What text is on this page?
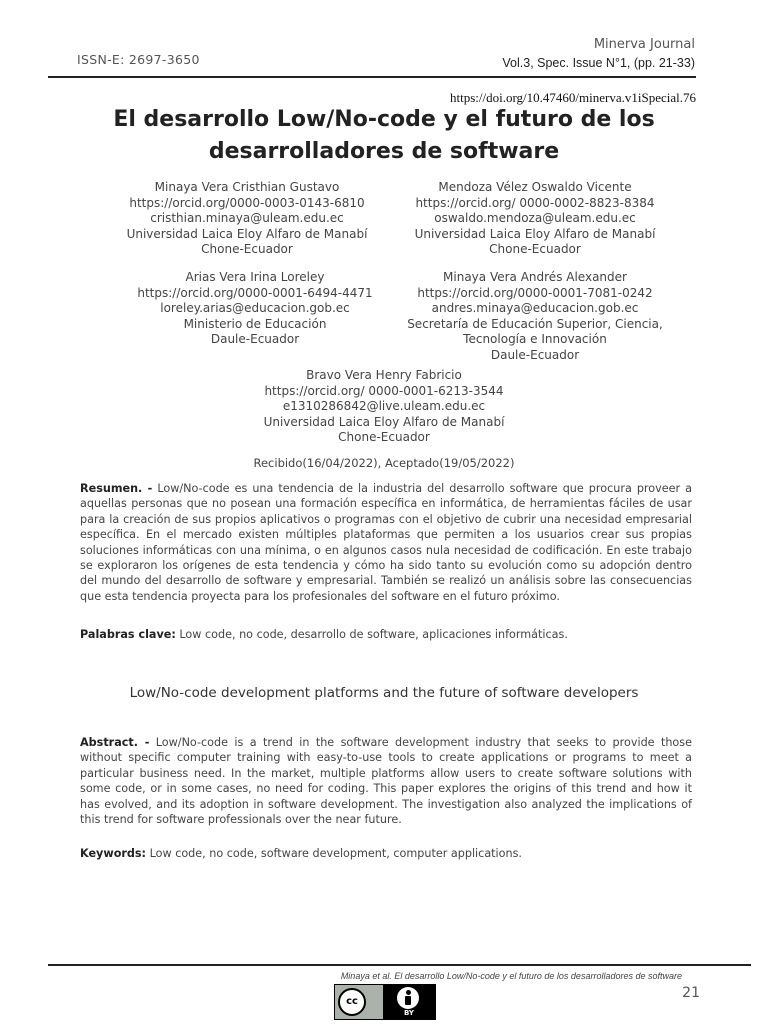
ISSN-E: 2697-3650
Minerva Journal
Vol.3, Spec. Issue N°1, (pp. 21-33)
https://doi.org/10.47460/minerva.v1iSpecial.76
El desarrollo Low/No-code y el futuro de los desarrolladores de software
Minaya Vera Cristhian Gustavo
https://orcid.org/0000-0003-0143-6810
cristhian.minaya@uleam.edu.ec
Universidad Laica Eloy Alfaro de Manabí
Chone-Ecuador
Mendoza Vélez Oswaldo Vicente
https://orcid.org/ 0000-0002-8823-8384
oswaldo.mendoza@uleam.edu.ec
Universidad Laica Eloy Alfaro de Manabí
Chone-Ecuador
Arias Vera Irina Loreley
https://orcid.org/0000-0001-6494-4471
loreley.arias@educacion.gob.ec
Ministerio de Educación
Daule-Ecuador
Minaya Vera Andrés Alexander
https://orcid.org/0000-0001-7081-0242
andres.minaya@educacion.gob.ec
Secretaría de Educación Superior, Ciencia,
Tecnología e Innovación
Daule-Ecuador
Bravo Vera Henry Fabricio
https://orcid.org/ 0000-0001-6213-3544
e1310286842@live.uleam.edu.ec
Universidad Laica Eloy Alfaro de Manabí
Chone-Ecuador
Recibido(16/04/2022), Aceptado(19/05/2022)
Resumen. - Low/No-code es una tendencia de la industria del desarrollo software que procura proveer a aquellas personas que no posean una formación específica en informática, de herramientas fáciles de usar para la creación de sus propios aplicativos o programas con el objetivo de cubrir una necesidad empresarial específica. En el mercado existen múltiples plataformas que permiten a los usuarios crear sus propias soluciones informáticas con una mínima, o en algunos casos nula necesidad de codificación. En este trabajo se exploraron los orígenes de esta tendencia y cómo ha sido tanto su evolución como su adopción dentro del mundo del desarrollo de software y empresarial. También se realizó un análisis sobre las consecuencias que esta tendencia proyecta para los profesionales del software en el futuro próximo.
Palabras clave: Low code, no code, desarrollo de software, aplicaciones informáticas.
Low/No-code development platforms and the future of software developers
Abstract. - Low/No-code is a trend in the software development industry that seeks to provide those without specific computer training with easy-to-use tools to create applications or programs to meet a particular business need. In the market, multiple platforms allow users to create software solutions with some code, or in some cases, no need for coding. This paper explores the origins of this trend and how it has evolved, and its adoption in software development. The investigation also analyzed the implications of this trend for software professionals over the near future.
Keywords: Low code, no code, software development, computer applications.
Minaya et al. El desarrollo Low/No-code y el futuro de los desarrolladores de software
21
cc
BY
